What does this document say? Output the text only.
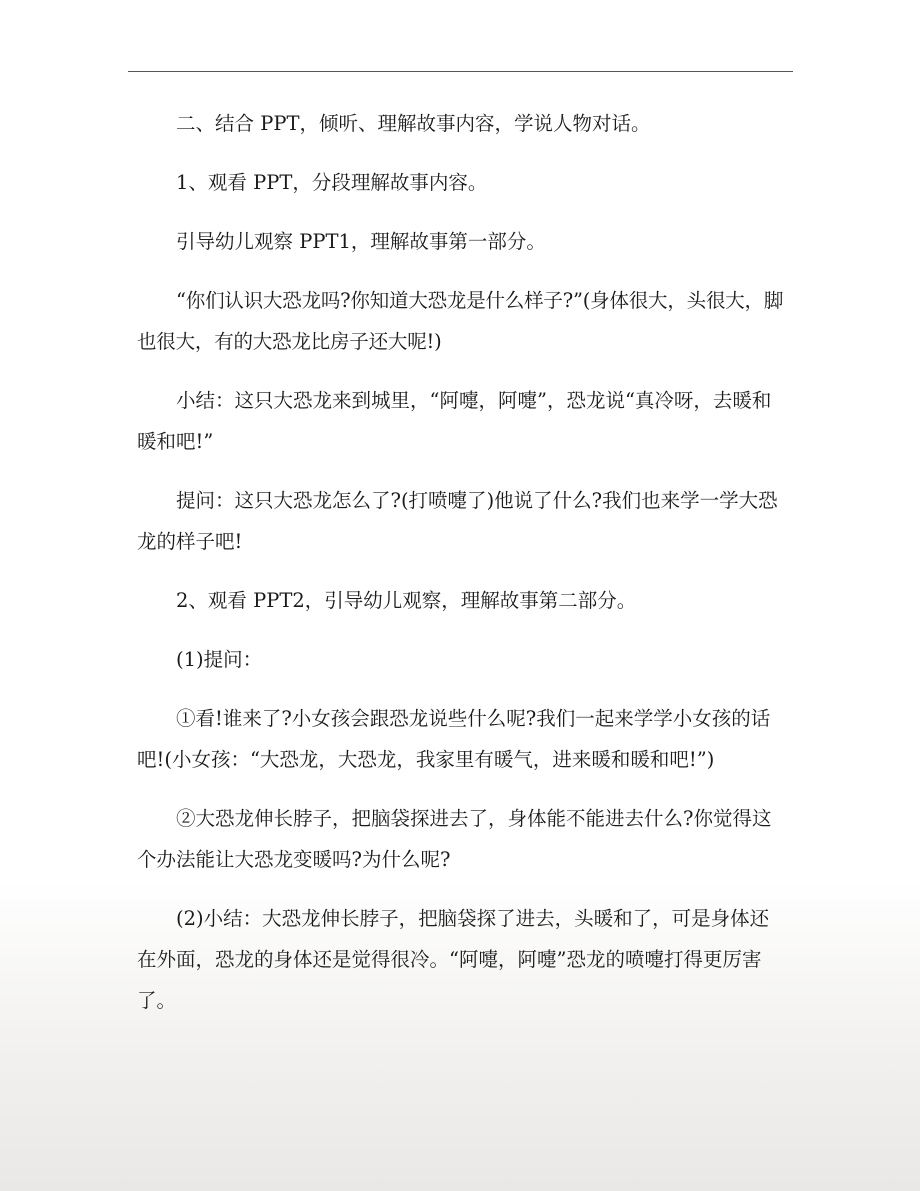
二、结合 PPT，倾听、理解故事内容，学说人物对话。

1、观看 PPT，分段理解故事内容。

引导幼儿观察 PPT1，理解故事第一部分。

“你们认识大恐龙吗?你知道大恐龙是什么样子?”(身体很大，头很大，脚也很大，有的大恐龙比房子还大呢!)

小结：这只大恐龙来到城里，“阿嚏，阿嚏”，恐龙说“真冷呀，去暖和暖和吧!”

提问：这只大恐龙怎么了?(打喷嚏了)他说了什么?我们也来学一学大恐龙的样子吧!

2、观看 PPT2，引导幼儿观察，理解故事第二部分。

(1)提问：

①看!谁来了?小女孩会跟恐龙说些什么呢?我们一起来学学小女孩的话吧!(小女孩：“大恐龙，大恐龙，我家里有暖气，进来暖和暖和吧!”)

②大恐龙伸长脖子，把脑袋探进去了，身体能不能进去什么?你觉得这个办法能让大恐龙变暖吗?为什么呢?

(2)小结：大恐龙伸长脖子，把脑袋探了进去，头暖和了，可是身体还在外面，恐龙的身体还是觉得很冷。“阿嚏，阿嚏”恐龙的喷嚏打得更厉害了。
